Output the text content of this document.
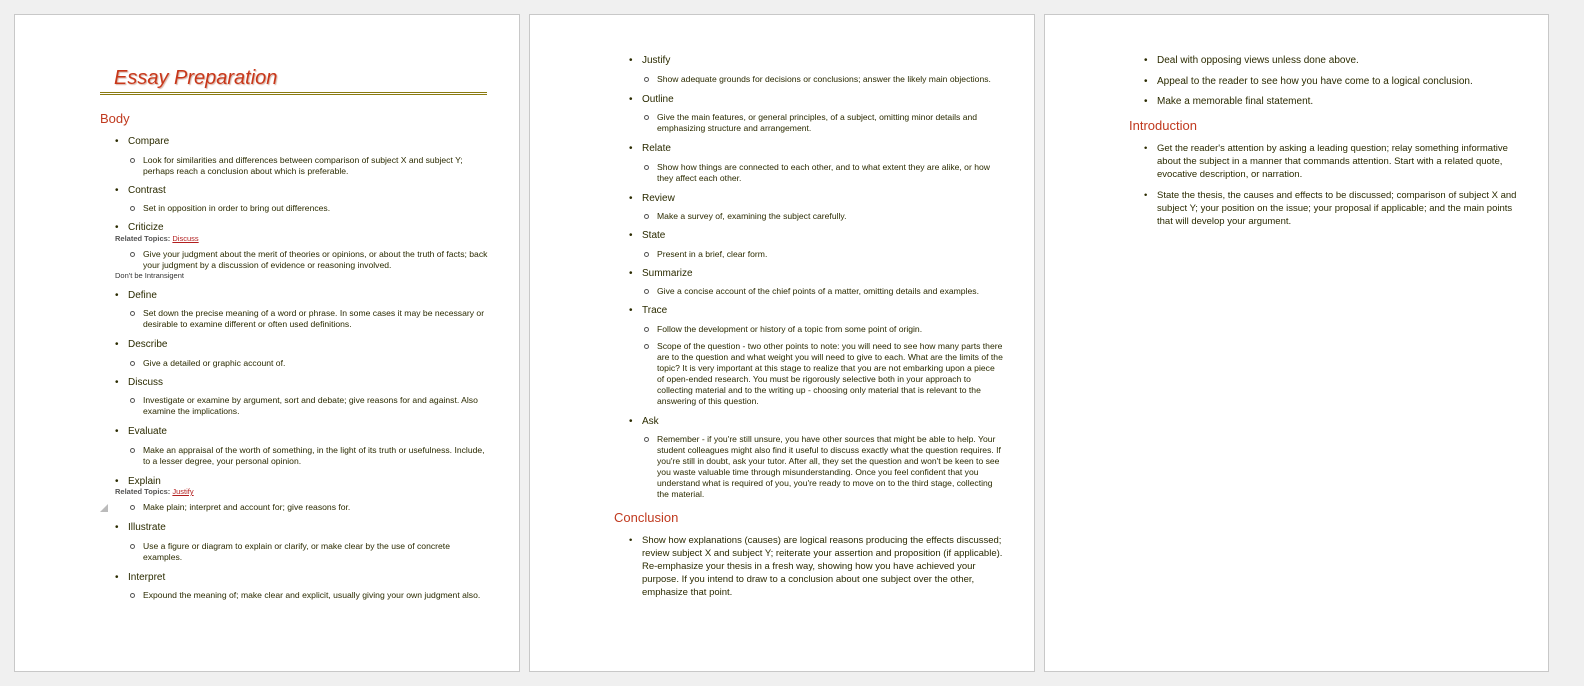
Essay Preparation
Body
• Compare
Look for similarities and differences between comparison of subject X and subject Y; perhaps reach a conclusion about which is preferable.
• Contrast
Set in opposition in order to bring out differences.
• Criticize
Related Topics: Discuss
Give your judgment about the merit of theories or opinions, or about the truth of facts; back your judgment by a discussion of evidence or reasoning involved.
Don't be Intransigent
• Define
Set down the precise meaning of a word or phrase. In some cases it may be necessary or desirable to examine different or often used definitions.
• Describe
Give a detailed or graphic account of.
• Discuss
Investigate or examine by argument, sort and debate; give reasons for and against. Also examine the implications.
• Evaluate
Make an appraisal of the worth of something, in the light of its truth or usefulness. Include, to a lesser degree, your personal opinion.
• Explain
Related Topics: Justify
Make plain; interpret and account for; give reasons for.
• Illustrate
Use a figure or diagram to explain or clarify, or make clear by the use of concrete examples.
• Interpret
Expound the meaning of; make clear and explicit, usually giving your own judgment also.
• Justify
Show adequate grounds for decisions or conclusions; answer the likely main objections.
• Outline
Give the main features, or general principles, of a subject, omitting minor details and emphasizing structure and arrangement.
• Relate
Show how things are connected to each other, and to what extent they are alike, or how they affect each other.
• Review
Make a survey of, examining the subject carefully.
• State
Present in a brief, clear form.
• Summarize
Give a concise account of the chief points of a matter, omitting details and examples.
• Trace
Follow the development or history of a topic from some point of origin.
Scope of the question - two other points to note: you will need to see how many parts there are to the question and what weight you will need to give to each. What are the limits of the topic? It is very important at this stage to realize that you are not embarking upon a piece of open-ended research. You must be rigorously selective both in your approach to collecting material and to the writing up - choosing only material that is relevant to the answering of this question.
• Ask
Remember - if you're still unsure, you have other sources that might be able to help. Your student colleagues might also find it useful to discuss exactly what the question requires. If you're still in doubt, ask your tutor. After all, they set the question and won't be keen to see you waste valuable time through misunderstanding. Once you feel confident that you understand what is required of you, you're ready to move on to the third stage, collecting the material.
Conclusion
• Show how explanations (causes) are logical reasons producing the effects discussed; review subject X and subject Y; reiterate your assertion and proposition (if applicable). Re-emphasize your thesis in a fresh way, showing how you have achieved your purpose. If you intend to draw to a conclusion about one subject over the other, emphasize that point.
• Deal with opposing views unless done above.
• Appeal to the reader to see how you have come to a logical conclusion.
• Make a memorable final statement.
Introduction
• Get the reader's attention by asking a leading question; relay something informative about the subject in a manner that commands attention. Start with a related quote, evocative description, or narration.
• State the thesis, the causes and effects to be discussed; comparison of subject X and subject Y; your position on the issue; your proposal if applicable; and the main points that will develop your argument.
